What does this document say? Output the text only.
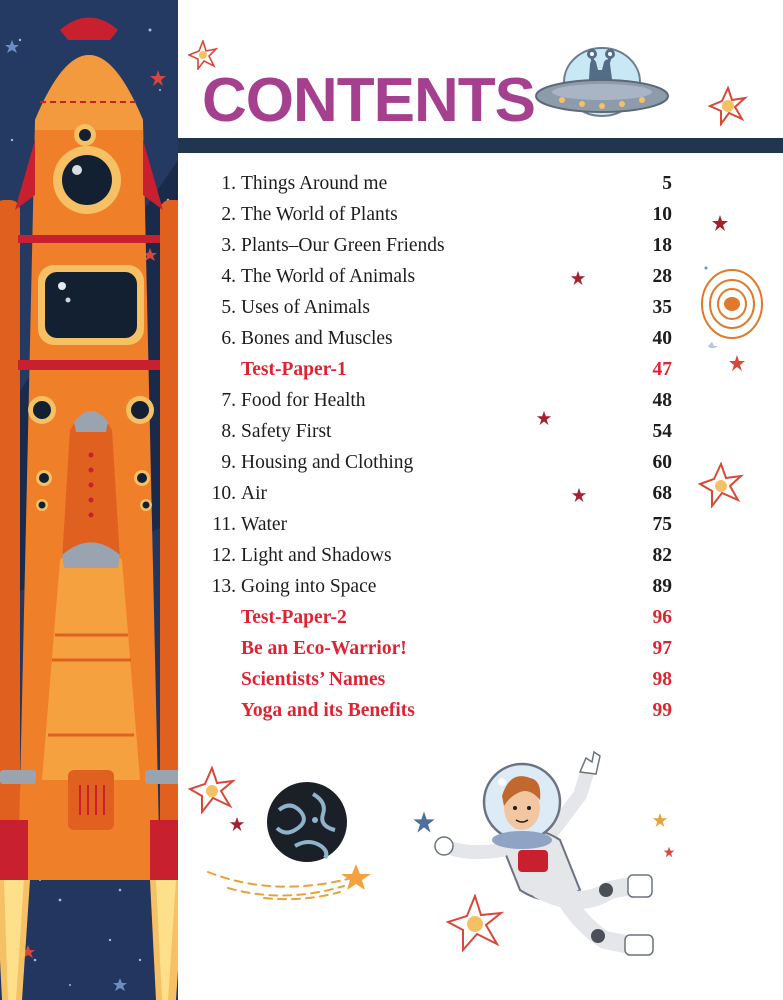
CONTENTS
1. Things Around me	5
2. The World of Plants	10
3. Plants–Our Green Friends	18
4. The World of Animals	28
5. Uses of Animals	35
6. Bones and Muscles	40
Test-Paper-1	47
7. Food for Health	48
8. Safety First	54
9. Housing and Clothing	60
10. Air	68
11. Water	75
12. Light and Shadows	82
13. Going into Space	89
Test-Paper-2	96
Be an Eco-Warrior!	97
Scientists’ Names	98
Yoga and its Benefits	99
